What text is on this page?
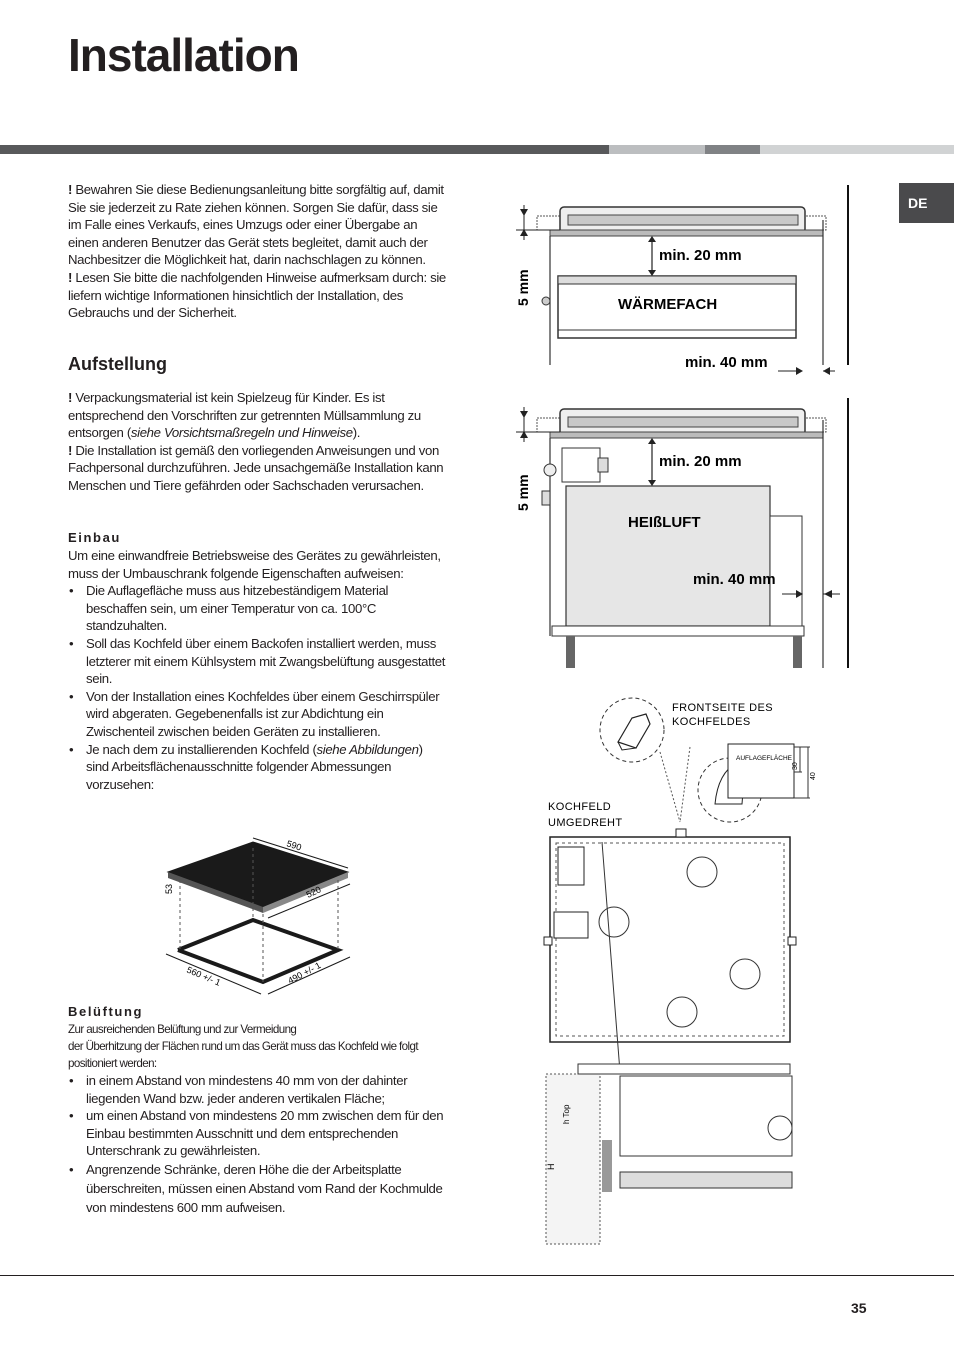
Installation
DE

! Bewahren Sie diese Bedienungsanleitung bitte sorgfältig auf, damit Sie sie jederzeit zu Rate ziehen können. Sorgen Sie dafür, dass sie im Falle eines Verkaufs, eines Umzugs oder einer Übergabe an einen anderen Benutzer das Gerät stets begleitet, damit auch der Nachbesitzer die Möglichkeit hat, darin nachschlagen zu können.

! Lesen Sie bitte die nachfolgenden Hinweise aufmerksam durch: sie liefern wichtige Informationen hinsichtlich der Installation, des Gebrauchs und der Sicherheit.

Aufstellung

! Verpackungsmaterial ist kein Spielzeug für Kinder. Es ist entsprechend den Vorschriften zur getrennten Müllsammlung zu entsorgen (siehe Vorsichtsmaßregeln und Hinweise).

! Die Installation ist gemäß den vorliegenden Anweisungen und von Fachpersonal durchzuführen. Jede unsachgemäße Installation kann Menschen und Tiere gefährden oder Sachschaden verursachen.

Einbau

Um eine einwandfreie Betriebsweise des Gerätes zu gewährleisten, muss der Umbauschrank folgende Eigenschaften aufweisen:

• Die Auflagefläche muss aus hitzebeständigem Material beschaffen sein, um einer Temperatur von ca. 100°C standzuhalten.
• Soll das Kochfeld über einem Backofen installiert werden, muss letzterer mit einem Kühlsystem mit Zwangsbelüftung ausgestattet sein.
• Von der Installation eines Kochfeldes über einem Geschirrspüler wird abgeraten. Gegebenenfalls ist zur Abdichtung ein Zwischenteil zwischen beiden Geräten zu installieren.
• Je nach dem zu installierenden Kochfeld (siehe Abbildungen) sind Arbeitsflächenausschnitte folgender Abmessungen vorzusehen:
590
520
53
560 +/- 1	490 +/- 1
Belüftung

Zur ausreichenden Belüftung und zur Vermeidung

der Überhitzung der Flächen rund um das Gerät muss das Kochfeld wie folgt positioniert werden:

• in einem Abstand von mindestens 40 mm von der dahinter liegenden Wand bzw. jeder anderen vertikalen Fläche;
• um einen Abstand von mindestens 20 mm zwischen dem für den Einbau bestimmten Ausschnitt und dem entsprechenden Unterschrank zu gewährleisten.
• Angrenzende Schränke, deren Höhe die der Arbeitsplatte überschreiten, müssen einen Abstand vom Rand der Kochmulde von mindestens 600 mm aufweisen.
min. 20 mm
WÄRMEFACH
min. 40 mm
5 mm
min. 20 mm
HEIßLUFT
min. 40 mm
5 mm
FRONTSEITE DES
KOCHFELDES
AUFLAGEFLÄCHE
30
40
KOCHFELD
UMGEDREHT
h Top
H
35
